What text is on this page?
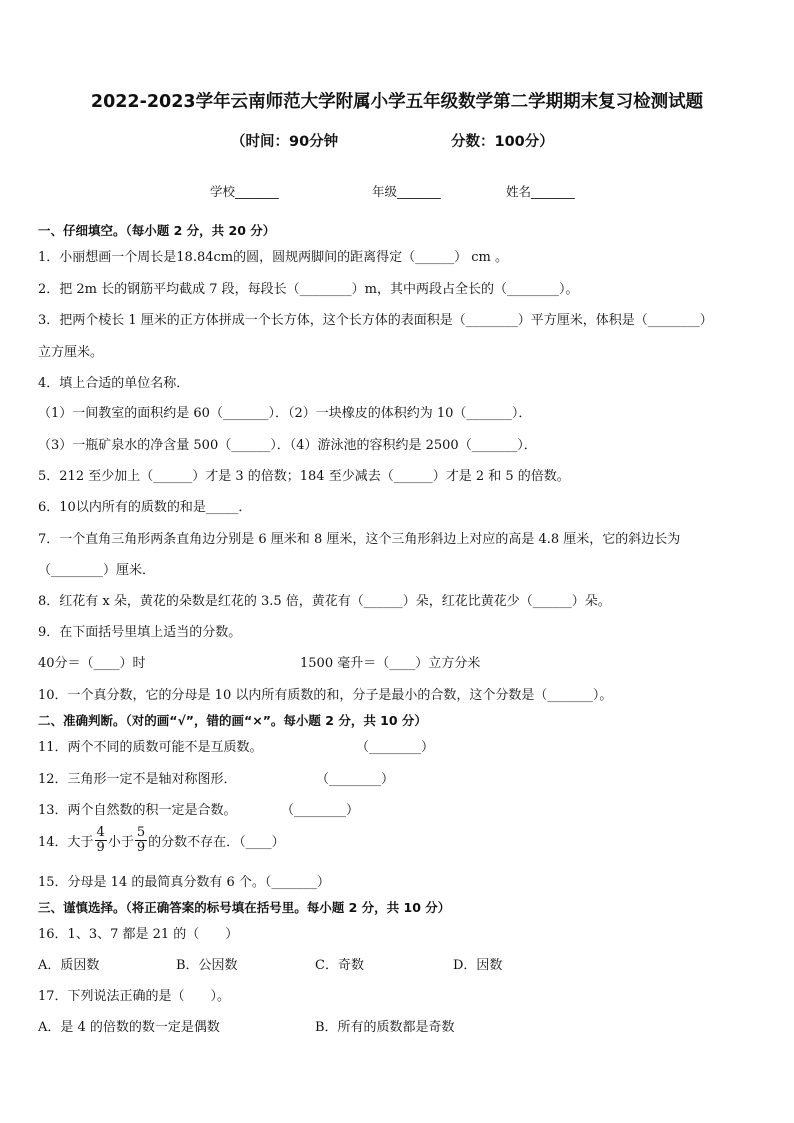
2022-2023学年云南师范大学附属小学五年级数学第二学期期末复习检测试题
（时间：90分钟	分数：100分）
学校_______	年级_______	姓名_______
一、仔细填空。（每小题 2 分，共 20 分）
1．小丽想画一个周长是18.84cm的圆，圆规两脚间的距离得定（______） cm 。
2．把 2m 长的钢筋平均截成 7 段，每段长（________）m，其中两段占全长的（________）。
3．把两个棱长 1 厘米的正方体拼成一个长方体，这个长方体的表面积是（________）平方厘米，体积是（________）
立方厘米。
4．填上合适的单位名称．
（1）一间教室的面积约是 60（_______）．（2）一块橡皮的体积约为 10（_______）．
（3）一瓶矿泉水的净含量 500（______）．（4）游泳池的容积约是 2500（_______）．
5．212 至少加上（______）才是 3 的倍数；184 至少减去（______）才是 2 和 5 的倍数。
6．10以内所有的质数的和是_____．
7．一个直角三角形两条直角边分别是 6 厘米和 8 厘米，这个三角形斜边上对应的高是 4.8 厘米，它的斜边长为
（________）厘米．
8．红花有 x 朵，黄花的朵数是红花的 3.5 倍，黄花有（______）朵，红花比黄花少（______）朵。
9．在下面括号里填上适当的分数。
40分＝（____）时	1500 毫升＝（____）立方分米
10．一个真分数，它的分母是 10 以内所有质数的和，分子是最小的合数，这个分数是（_______）。
二、准确判断。（对的画“√”，错的画“×”。每小题 2 分，共 10 分）
11．两个不同的质数可能不是互质数。	（________）
12．三角形一定不是轴对称图形．	（________）
13．两个自然数的积一定是合数。	（________）
14．大于 $\frac{4}{9}$ 小于 $\frac{5}{9}$ 的分数不存在．（____）
15．分母是 14 的最简真分数有 6 个。（_______）
三、谨慎选择。（将正确答案的标号填在括号里。每小题 2 分，共 10 分）
16．1、3、7 都是 21 的（　　）
A．质因数	B．公因数	C．奇数	D．因数
17．下列说法正确的是（　　）。
A．是 4 的倍数的数一定是偶数	B．所有的质数都是奇数
